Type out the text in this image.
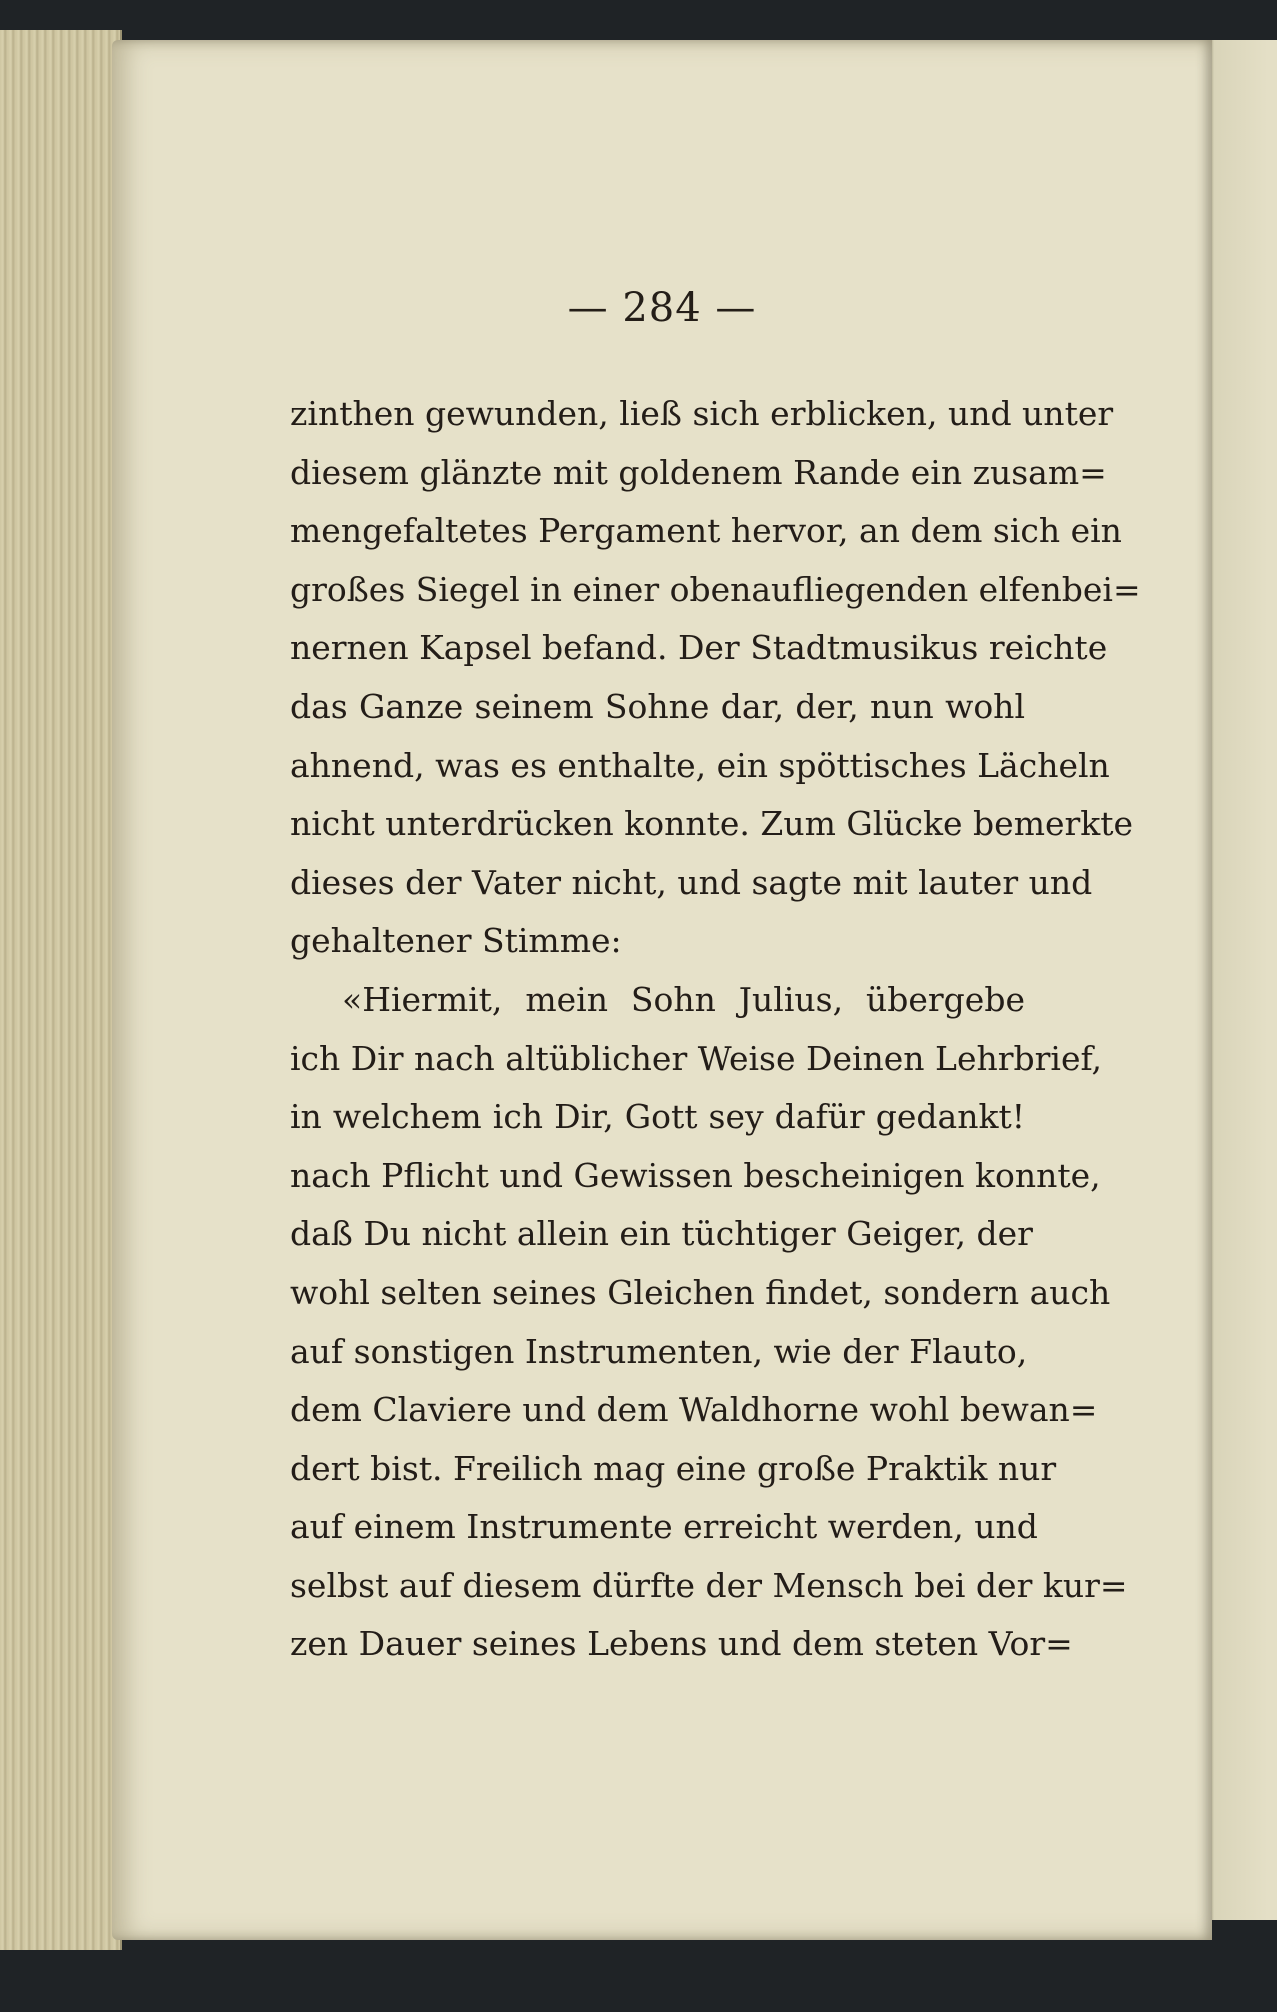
— 284 —
zinthen gewunden, ließ sich erblicken, und unter
diesem glänzte mit goldenem Rande ein zusam=
mengefaltetes Pergament hervor, an dem sich ein
großes Siegel in einer obenaufliegenden elfenbei=
nernen Kapsel befand. Der Stadtmusikus reichte
das Ganze seinem Sohne dar, der, nun wohl
ahnend, was es enthalte, ein spöttisches Lächeln
nicht unterdrücken konnte. Zum Glücke bemerkte
dieses der Vater nicht, und sagte mit lauter und
gehaltener Stimme:
«Hiermit, mein Sohn Julius, übergebe
ich Dir nach altüblicher Weise Deinen Lehrbrief,
in welchem ich Dir, Gott sey dafür gedankt!
nach Pflicht und Gewissen bescheinigen konnte,
daß Du nicht allein ein tüchtiger Geiger, der
wohl selten seines Gleichen findet, sondern auch
auf sonstigen Instrumenten, wie der Flauto,
dem Claviere und dem Waldhorne wohl bewan=
dert bist. Freilich mag eine große Praktik nur
auf einem Instrumente erreicht werden, und
selbst auf diesem dürfte der Mensch bei der kur=
zen Dauer seines Lebens und dem steten Vor=
